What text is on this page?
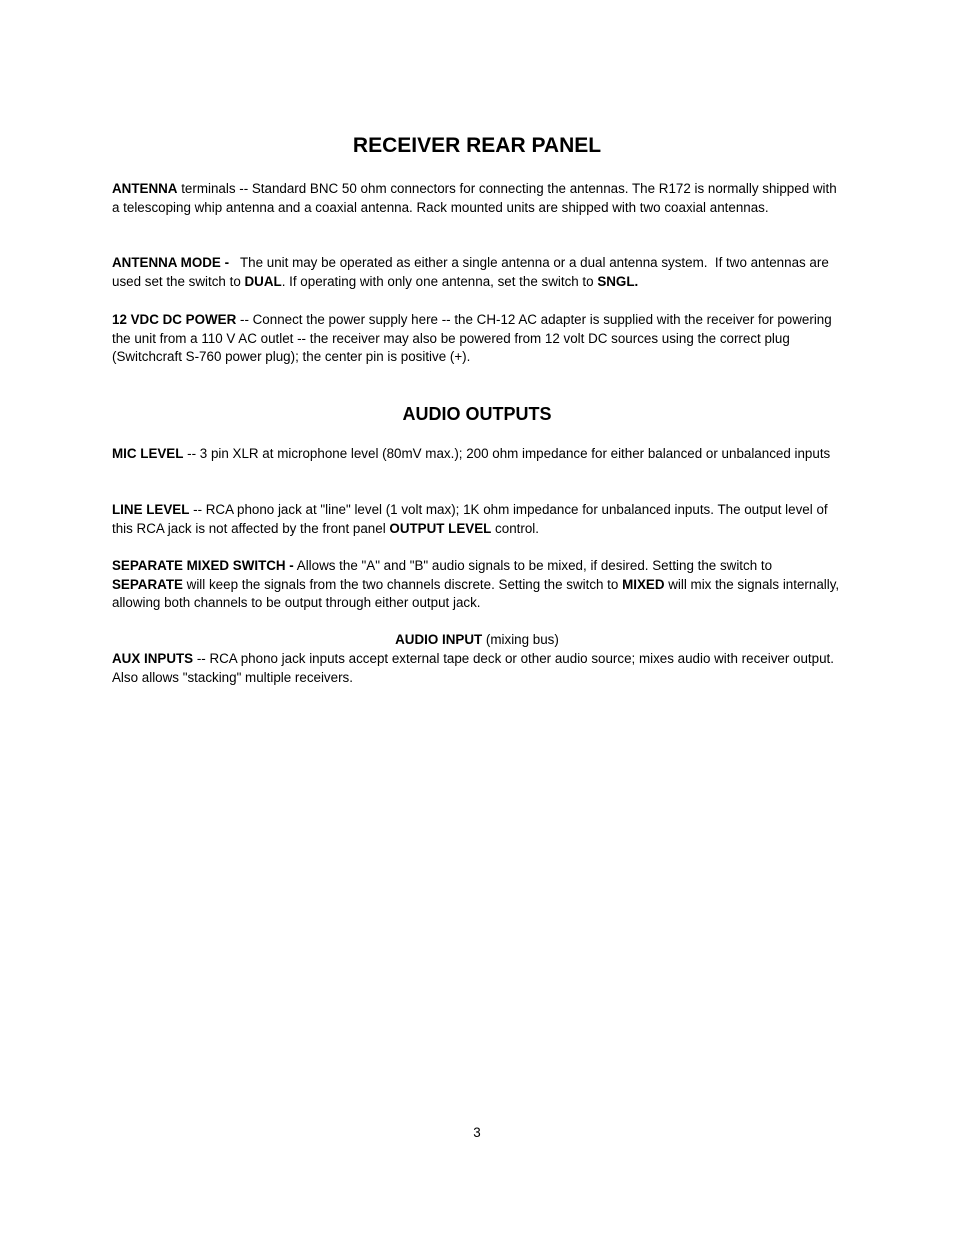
RECEIVER REAR PANEL

ANTENNA terminals -- Standard BNC 50 ohm connectors for connecting the antennas. The R172 is normally shipped with a telescoping whip antenna and a coaxial antenna. Rack mounted units are shipped with two coaxial antennas.

ANTENNA MODE -   The unit may be operated as either a single antenna or a dual antenna system.  If two antennas are used set the switch to DUAL. If operating with only one antenna, set the switch to SNGL.

12 VDC DC POWER -- Connect the power supply here -- the CH-12 AC adapter is supplied with the receiver for powering the unit from a 110 V AC outlet -- the receiver may also be powered from 12 volt DC sources using the correct plug (Switchcraft S-760 power plug); the center pin is positive (+).

AUDIO OUTPUTS

MIC LEVEL -- 3 pin XLR at microphone level (80mV max.); 200 ohm impedance for either balanced or unbalanced inputs

LINE LEVEL -- RCA phono jack at "line" level (1 volt max); 1K ohm impedance for unbalanced inputs. The output level of this RCA jack is not affected by the front panel OUTPUT LEVEL control.

SEPARATE MIXED SWITCH - Allows the "A" and "B" audio signals to be mixed, if desired. Setting the switch to SEPARATE will keep the signals from the two channels discrete. Setting the switch to MIXED will mix the signals internally, allowing both channels to be output through either output jack.

AUDIO INPUT (mixing bus)

AUX INPUTS -- RCA phono jack inputs accept external tape deck or other audio source; mixes audio with receiver output. Also allows "stacking" multiple receivers.

3
